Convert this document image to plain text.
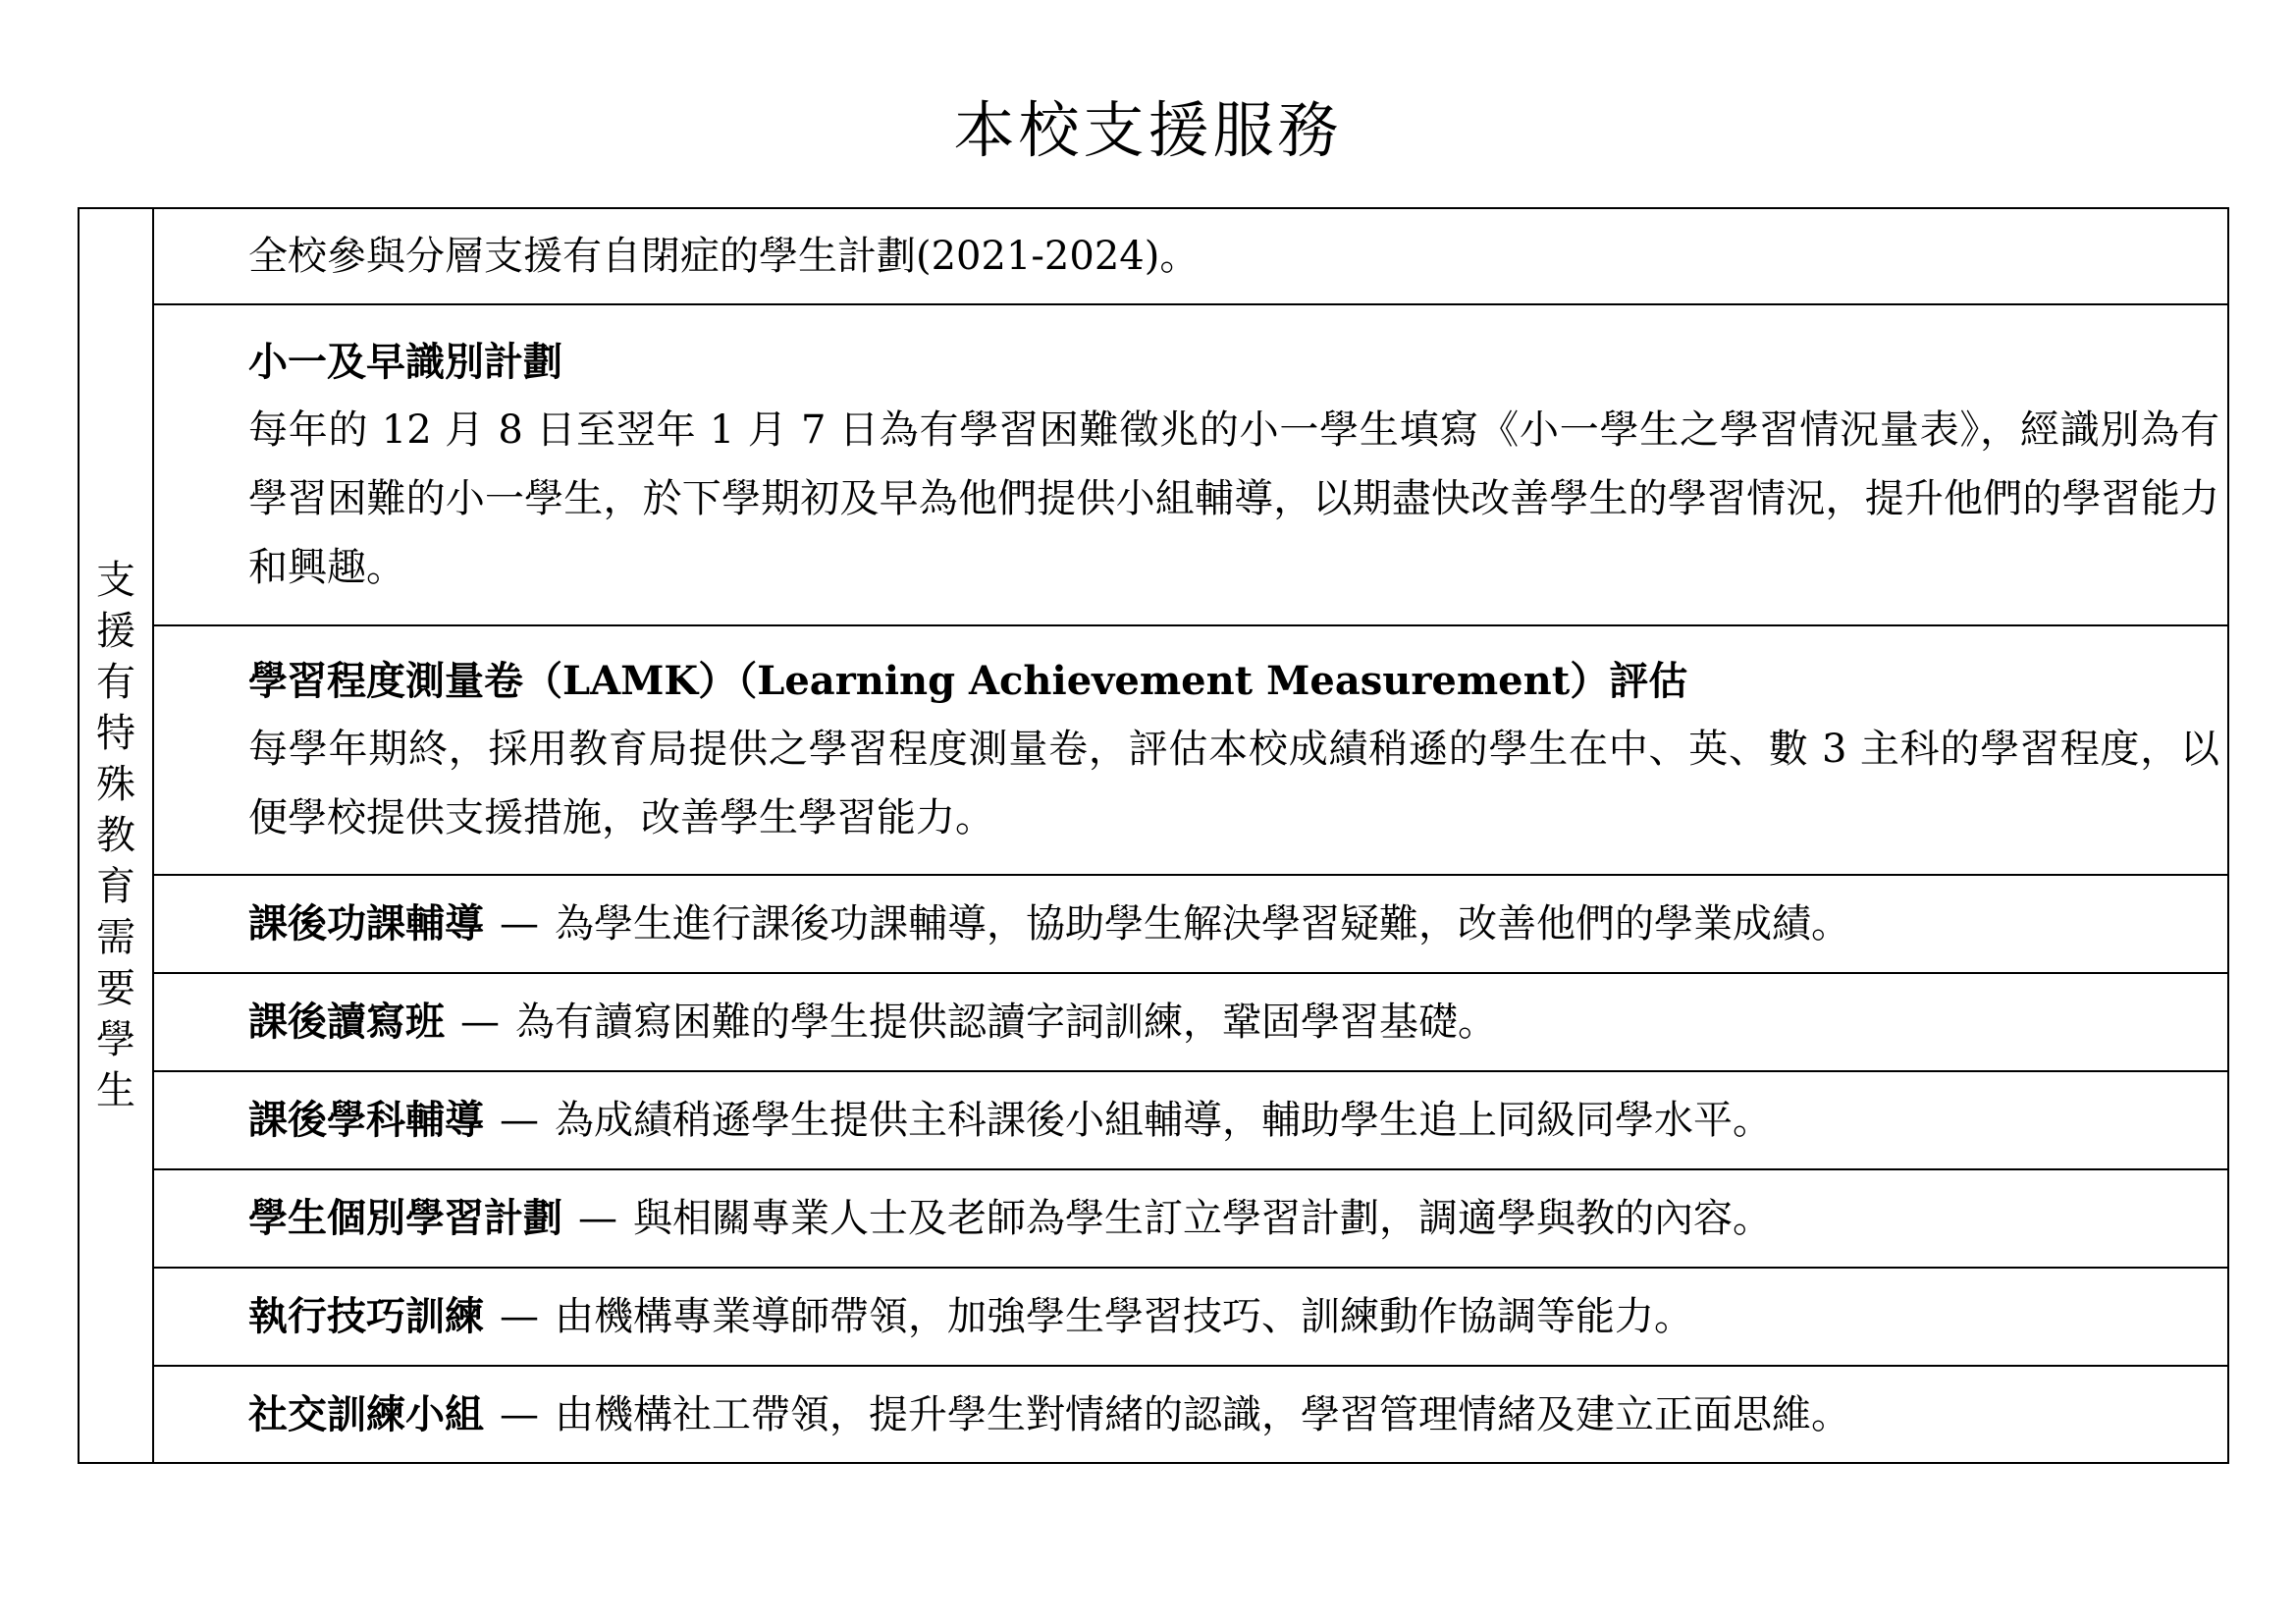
本校支援服務
支援有特殊教育需要學生	
全校參與分層支援有自閉症的學生計劃(2021-2024)。

小一及早識別計劃
每年的 12 月 8 日至翌年 1 月 7 日為有學習困難徵兆的小一學生填寫《小一學生之學習情況量表》，經識別為有學習困難的小一學生，於下學期初及早為他們提供小組輔導，以期盡快改善學生的學習情況，提升他們的學習能力和興趣。

學習程度測量卷（LAMK）（Learning Achievement Measurement）評估
每學年期終，採用教育局提供之學習程度測量卷，評估本校成績稍遜的學生在中、英、數 3 主科的學習程度，以便學校提供支援措施，改善學生學習能力。

課後功課輔導 — 為學生進行課後功課輔導，協助學生解決學習疑難，改善他們的學業成績。

課後讀寫班 — 為有讀寫困難的學生提供認讀字詞訓練，鞏固學習基礎。

課後學科輔導 — 為成績稍遜學生提供主科課後小組輔導，輔助學生追上同級同學水平。

學生個別學習計劃 — 與相關專業人士及老師為學生訂立學習計劃，調適學與教的內容。

執行技巧訓練 — 由機構專業導師帶領，加強學生學習技巧、訓練動作協調等能力。

社交訓練小組 — 由機構社工帶領，提升學生對情緒的認識，學習管理情緒及建立正面思維。
